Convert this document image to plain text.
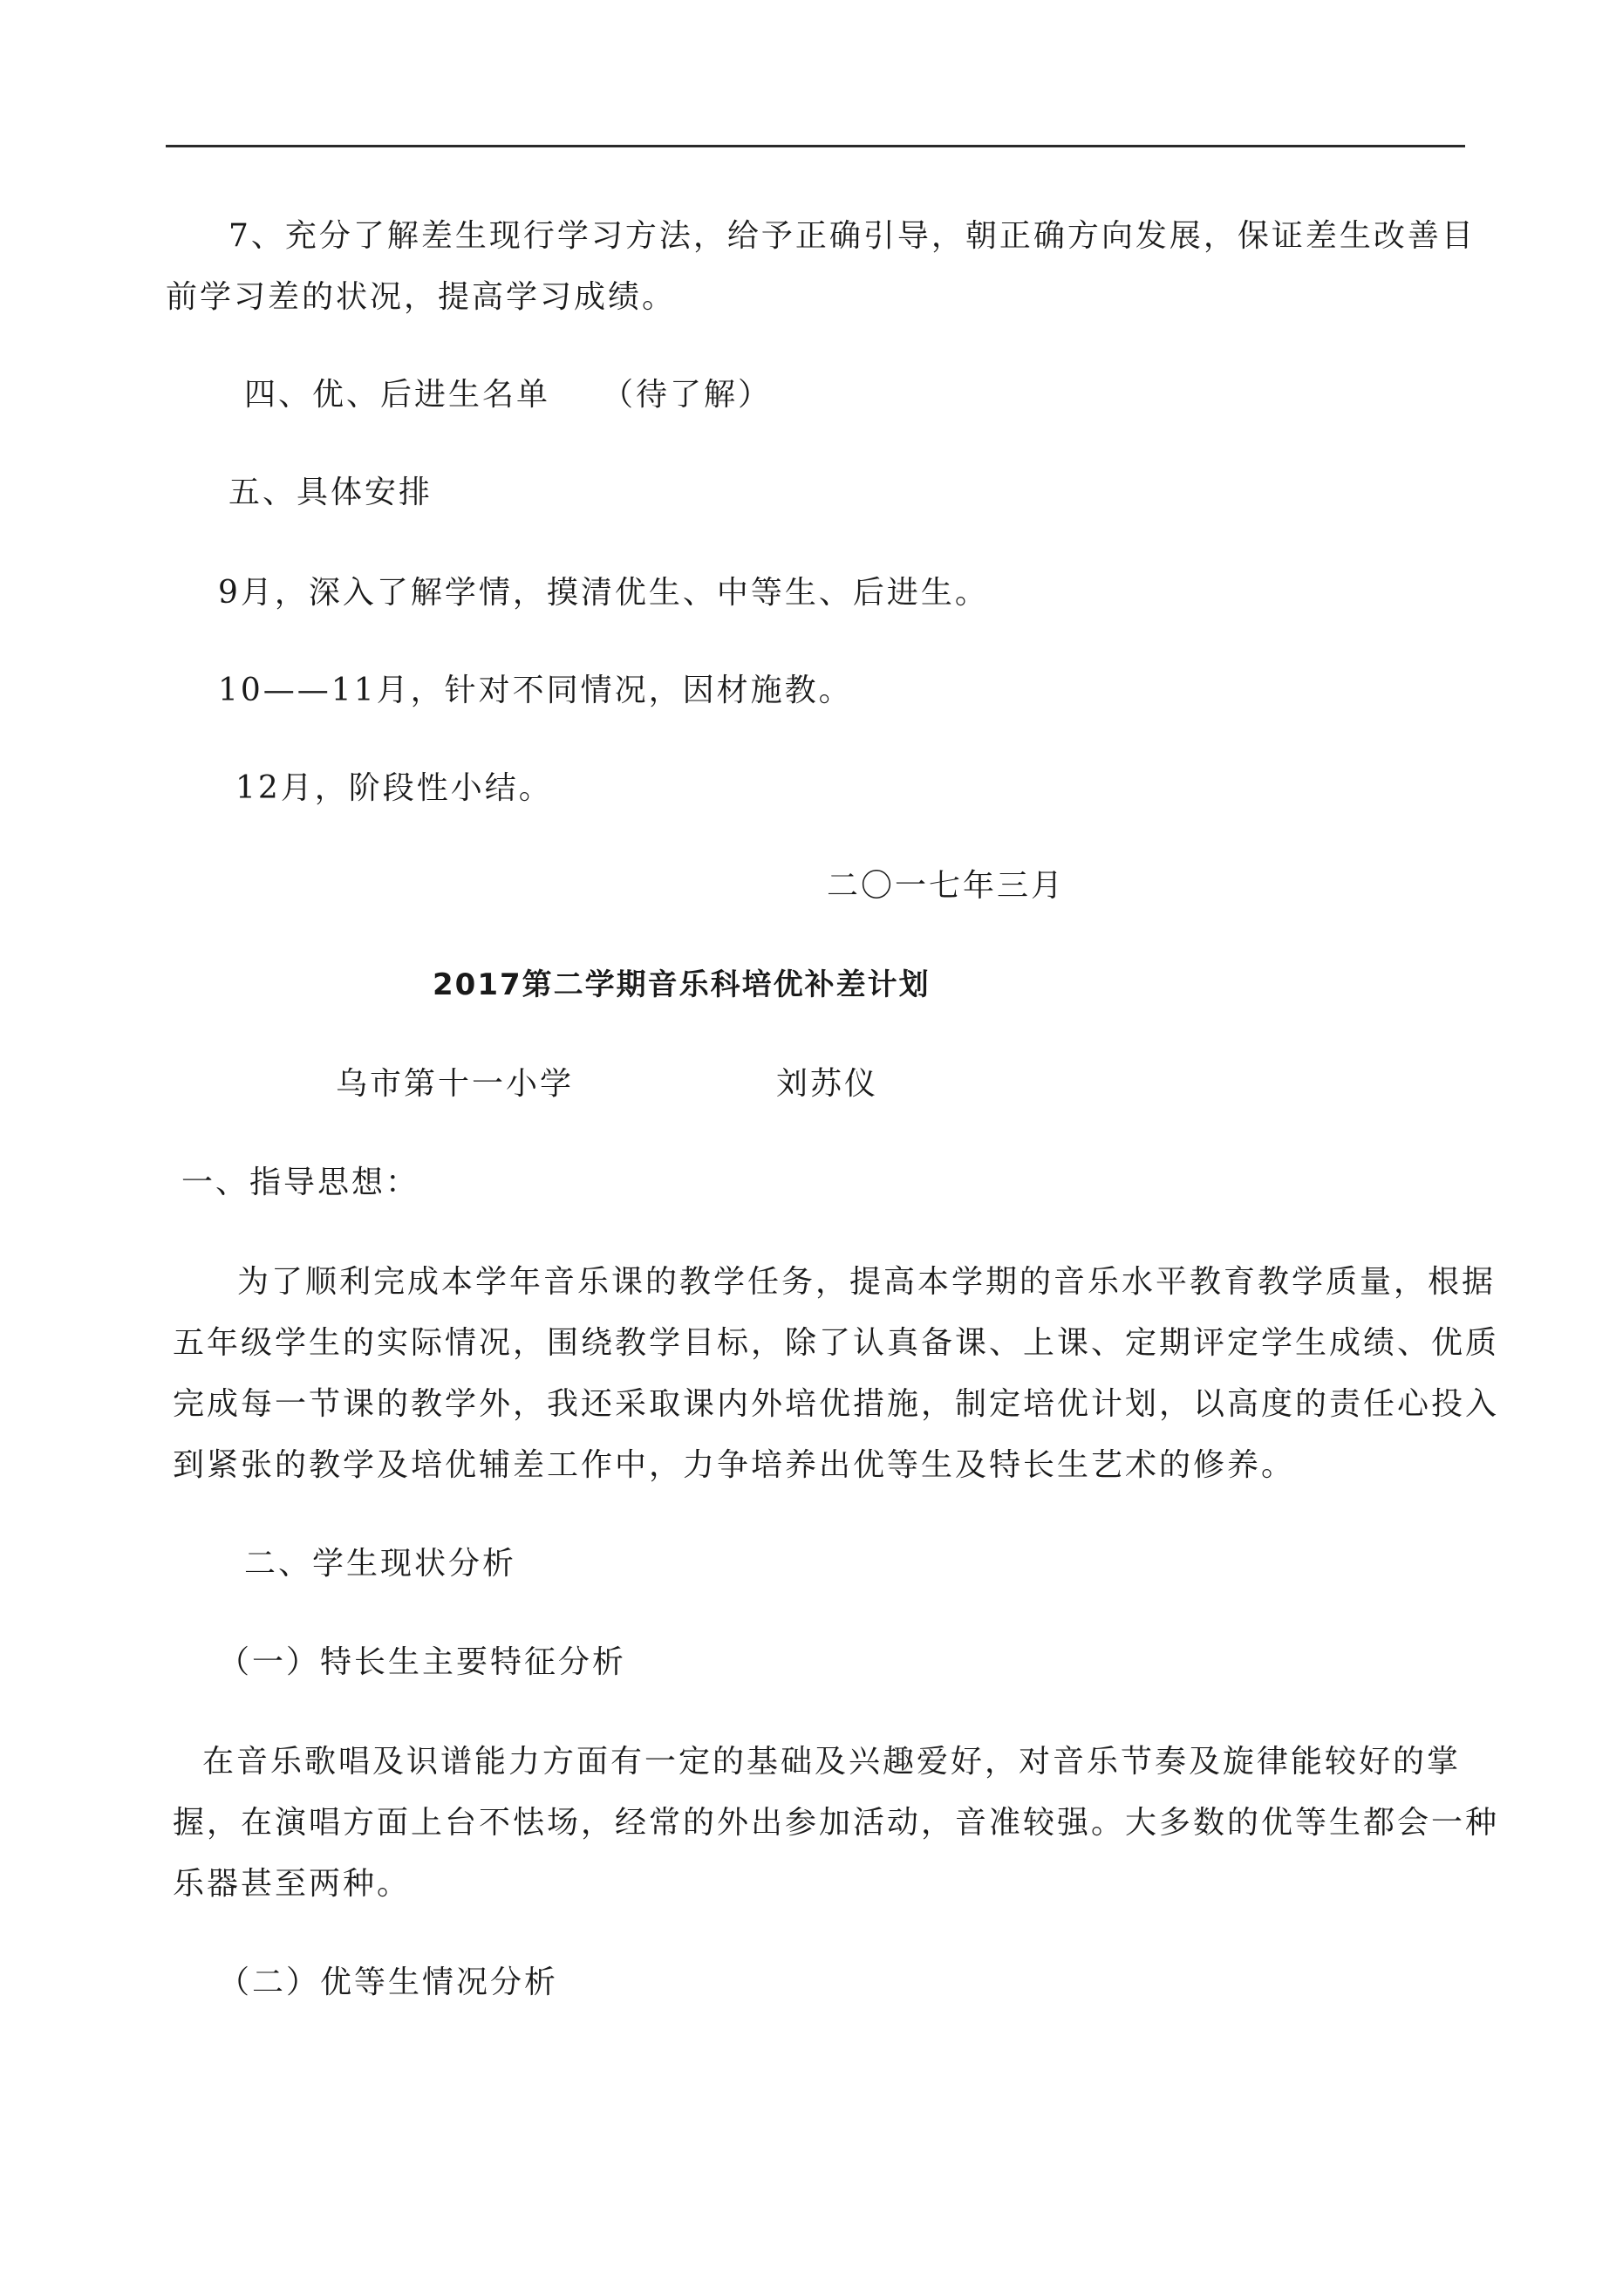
7、充分了解差生现行学习方法，给予正确引导，朝正确方向发展，保证差生改善目
前学习差的状况，提高学习成绩。
四、优、后进生名单 （待了解）
五、具体安排
9月，深入了解学情，摸清优生、中等生、后进生。
10——11月，针对不同情况，因材施教。
12月，阶段性小结。
二〇一七年三月
2017第二学期音乐科培优补差计划
乌市第十一小学	刘苏仪
一、指导思想：
为了顺利完成本学年音乐课的教学任务，提高本学期的音乐水平教育教学质量，根据
五年级学生的实际情况，围绕教学目标，除了认真备课、上课、定期评定学生成绩、优质
完成每一节课的教学外，我还采取课内外培优措施，制定培优计划，以高度的责任心投入
到紧张的教学及培优辅差工作中，力争培养出优等生及特长生艺术的修养。
二、学生现状分析
（一）特长生主要特征分析
在音乐歌唱及识谱能力方面有一定的基础及兴趣爱好，对音乐节奏及旋律能较好的掌
握，在演唱方面上台不怯场，经常的外出参加活动，音准较强。大多数的优等生都会一种
乐器甚至两种。
（二）优等生情况分析
